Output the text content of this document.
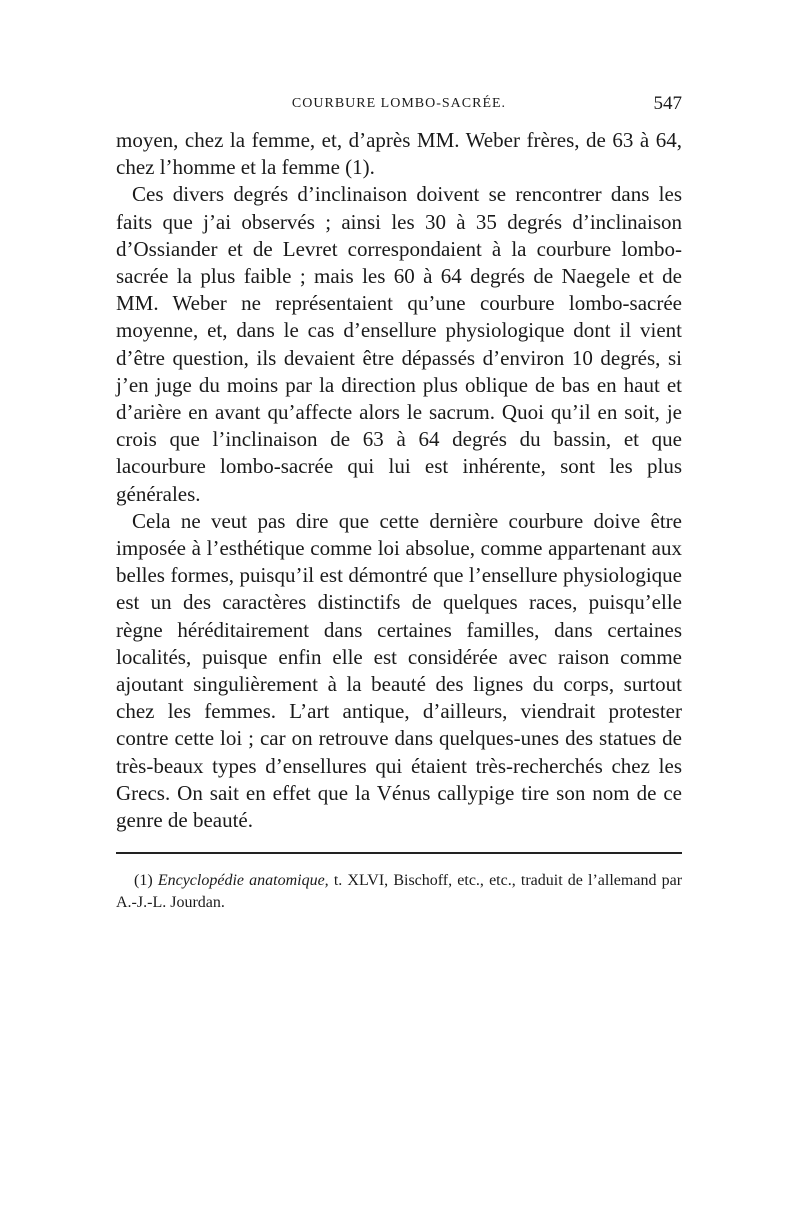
COURBURE LOMBO-SACRÉE.	547

moyen, chez la femme, et, d’après MM. Weber frères, de 63 à 64, chez l’homme et la femme (1).

Ces divers degrés d’inclinaison doivent se rencontrer dans les faits que j’ai observés ; ainsi les 30 à 35 degrés d’inclinaison d’Ossiander et de Levret correspondaient à la courbure lombo-sacrée la plus faible ; mais les 60 à 64 degrés de Naegele et de MM. Weber ne représentaient qu’une courbure lombo-sacrée moyenne, et, dans le cas d’ensellure physiologique dont il vient d’être question, ils devaient être dépassés d’environ 10 degrés, si j’en juge du moins par la direction plus oblique de bas en haut et d’arière en avant qu’affecte alors le sacrum. Quoi qu’il en soit, je crois que l’inclinaison de 63 à 64 degrés du bassin, et que lacourbure lombo-sacrée qui lui est inhérente, sont les plus générales.

Cela ne veut pas dire que cette dernière courbure doive être imposée à l’esthétique comme loi absolue, comme appartenant aux belles formes, puisqu’il est démontré que l’ensellure physiologique est un des caractères distinctifs de quelques races, puisqu’elle règne héréditairement dans certaines familles, dans certaines localités, puisque enfin elle est considérée avec raison comme ajoutant singulièrement à la beauté des lignes du corps, surtout chez les femmes. L’art antique, d’ailleurs, viendrait protester contre cette loi ; car on retrouve dans quelques-unes des statues de très-beaux types d’ensellures qui étaient très-recherchés chez les Grecs. On sait en effet que la Vénus callypige tire son nom de ce genre de beauté.

(1) Encyclopédie anatomique, t. XLVI, Bischoff, etc., etc., traduit de l’allemand par A.-J.-L. Jourdan.
